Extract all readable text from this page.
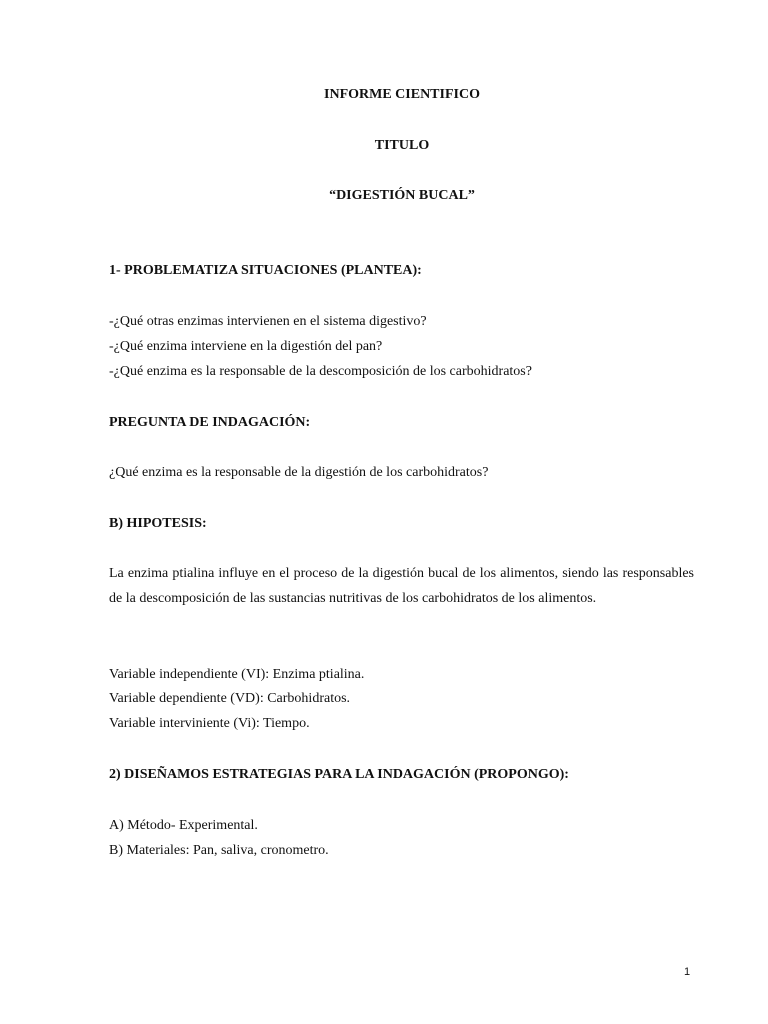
INFORME CIENTIFICO
TITULO
“DIGESTIÓN BUCAL”
1- PROBLEMATIZA SITUACIONES (PLANTEA):
-¿Qué otras enzimas intervienen en el sistema digestivo?
-¿Qué enzima interviene en la digestión del pan?
-¿Qué enzima es la responsable de la descomposición de los carbohidratos?
PREGUNTA DE INDAGACIÓN:
¿Qué enzima es la responsable de la digestión de los carbohidratos?
B) HIPOTESIS:
La enzima ptialina influye en el proceso de la digestión bucal de los alimentos, siendo las responsables de la descomposición de las sustancias nutritivas de los carbohidratos de los alimentos.
Variable independiente (VI): Enzima ptialina.
Variable dependiente (VD): Carbohidratos.
Variable interviniente (Vi): Tiempo.
2) DISEÑAMOS ESTRATEGIAS PARA LA INDAGACIÓN (PROPONGO):
A) Método- Experimental.
B) Materiales: Pan, saliva, cronometro.
1
